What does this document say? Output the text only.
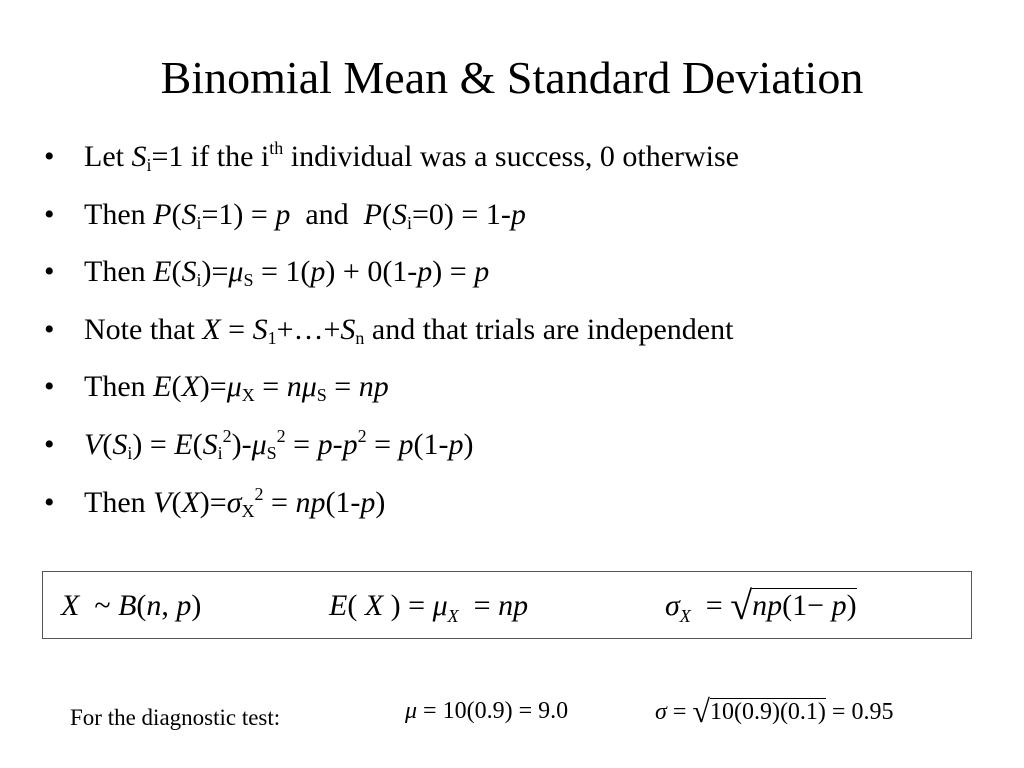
Binomial Mean & Standard Deviation
• Let $S_i=1$ if the $i^{th}$ individual was a success, 0 otherwise
• Then $P(S_i=1) = p$ and $P(S_i=0) = 1-p$
• Then $E(S_i)=\mu_S = 1(p) + 0(1-p) = p$
• Note that $X = S_1+\dots+S_n$ and that trials are independent
• Then $E(X)=\mu_X = n\mu_S$ = np
• $V(S_i) = E(S_i^2)-\mu_S^2 = p-p^2 = p(1-p)$
• Then $V(X)=\sigma_X^2 = np(1-p)$
X  ~ B(n, p)	E( X ) = $\mu_X$  = np	$\sigma_X = √np(1- p)$
For the diagnostic test:	μ = 10(0.9) = 9.0	σ = √10(0.9)(0.1) = 0.95
